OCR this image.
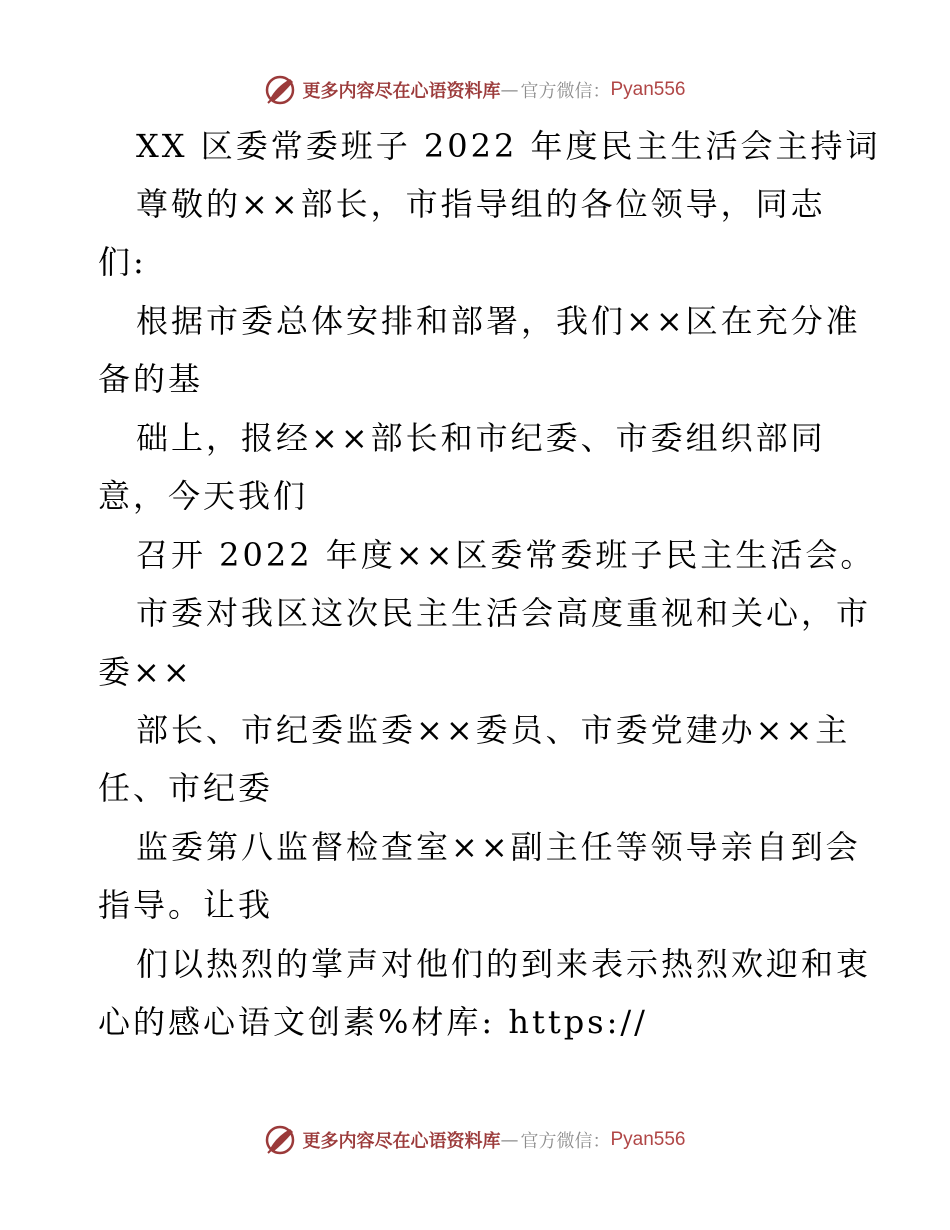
更多内容尽在心语资料库 — 官方微信： Pyan556
XX 区委常委班子 2022 年度民主生活会主持词
尊敬的××部长，市指导组的各位领导，同志
们:
根据市委总体安排和部署，我们××区在充分准
备的基
础上，报经××部长和市纪委、市委组织部同
意，今天我们
召开 2022 年度××区委常委班子民主生活会。
市委对我区这次民主生活会高度重视和关心，市
委××
部长、市纪委监委××委员、市委党建办××主
任、市纪委
监委第八监督检查室××副主任等领导亲自到会
指导。让我
们以热烈的掌声对他们的到来表示热烈欢迎和衷
心的感心语文创素%材库: https://
更多内容尽在心语资料库 — 官方微信： Pyan556
